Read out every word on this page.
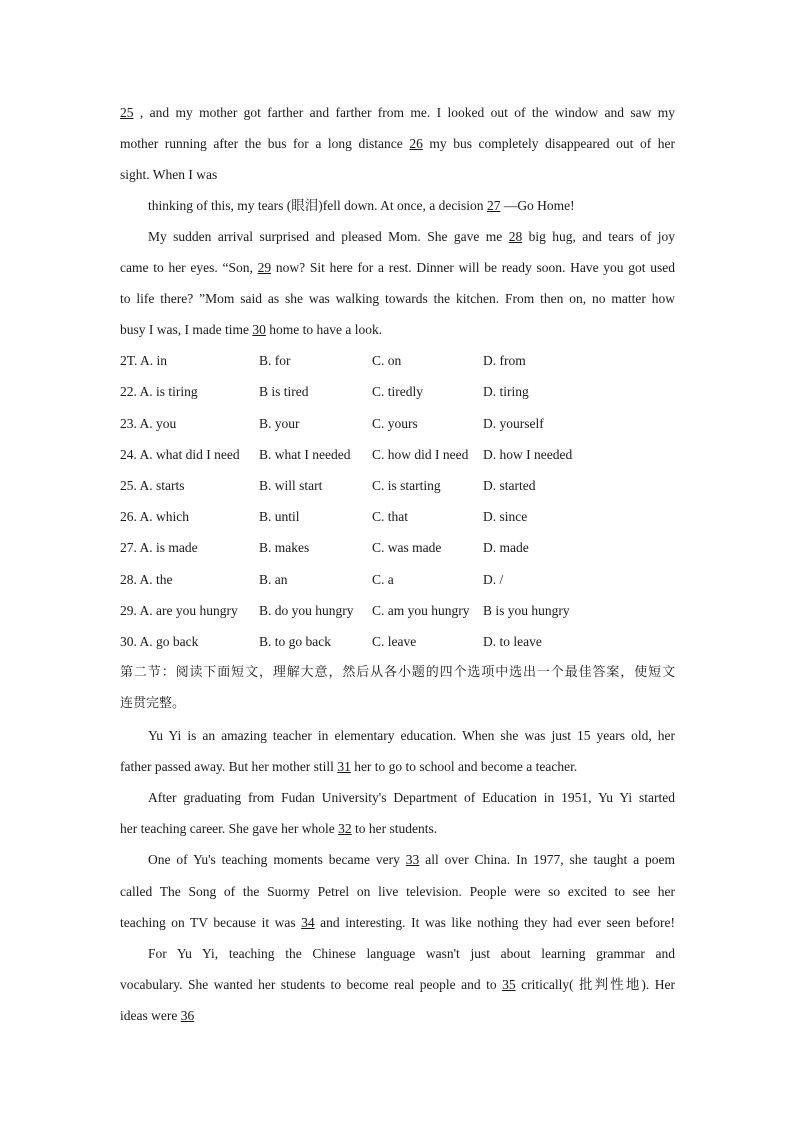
25 , and my mother got farther and farther from me. I looked out of the window and saw my
mother running after the bus for a long distance 26 my bus completely disappeared out of her
sight. When I was
thinking of this, my tears (眼泪)fell down. At once, a decision 27 —Go Home!
My sudden arrival surprised and pleased Mom. She gave me 28 big hug, and tears of joy
came to her eyes. “Son, 29 now? Sit here for a rest. Dinner will be ready soon. Have you got used
to life there? ”Mom said as she was walking towards the kitchen. From then on, no matter how
busy I was, I made time 30 home to have a look.
2T. A. in	B. for	C. on	D. from
22. A. is tiring	B is tired	C. tiredly	D. tiring
23. A. you	B. your	C. yours	D. yourself
24. A. what did I need B. what I needed C. how did I need D. how I needed
25. A. starts	B. will start	C. is starting	D. started
26. A. which	B. until	C. that	D. since
27. A. is made	B. makes	C. was made	D. made
28. A. the	B. an	C. a	D. /
29. A. are you hungry B. do you hungry C. am you hungry B is you hungry
30. A. go back	B. to go back	C. leave	D. to leave
第二节：阅读下面短文，理解大意，然后从各小题的四个选项中选出一个最佳答案，使短文
连贯完整。
Yu Yi is an amazing teacher in elementary education. When she was just 15 years old, her
father passed away. But her mother still 31 her to go to school and become a teacher.
After graduating from Fudan University's Department of Education in 1951, Yu Yi started
her teaching career. She gave her whole 32 to her students.
One of Yu's teaching moments became very 33 all over China. In 1977, she taught a poem
called The Song of the Suormy Petrel on live television. People were so excited to see her
teaching on TV because it was 34 and interesting. It was like nothing they had ever seen before!
For Yu Yi, teaching the Chinese language wasn't just about learning grammar and
vocabulary. She wanted her students to become real people and to 35 critically( 批判性地). Her
ideas were 36
